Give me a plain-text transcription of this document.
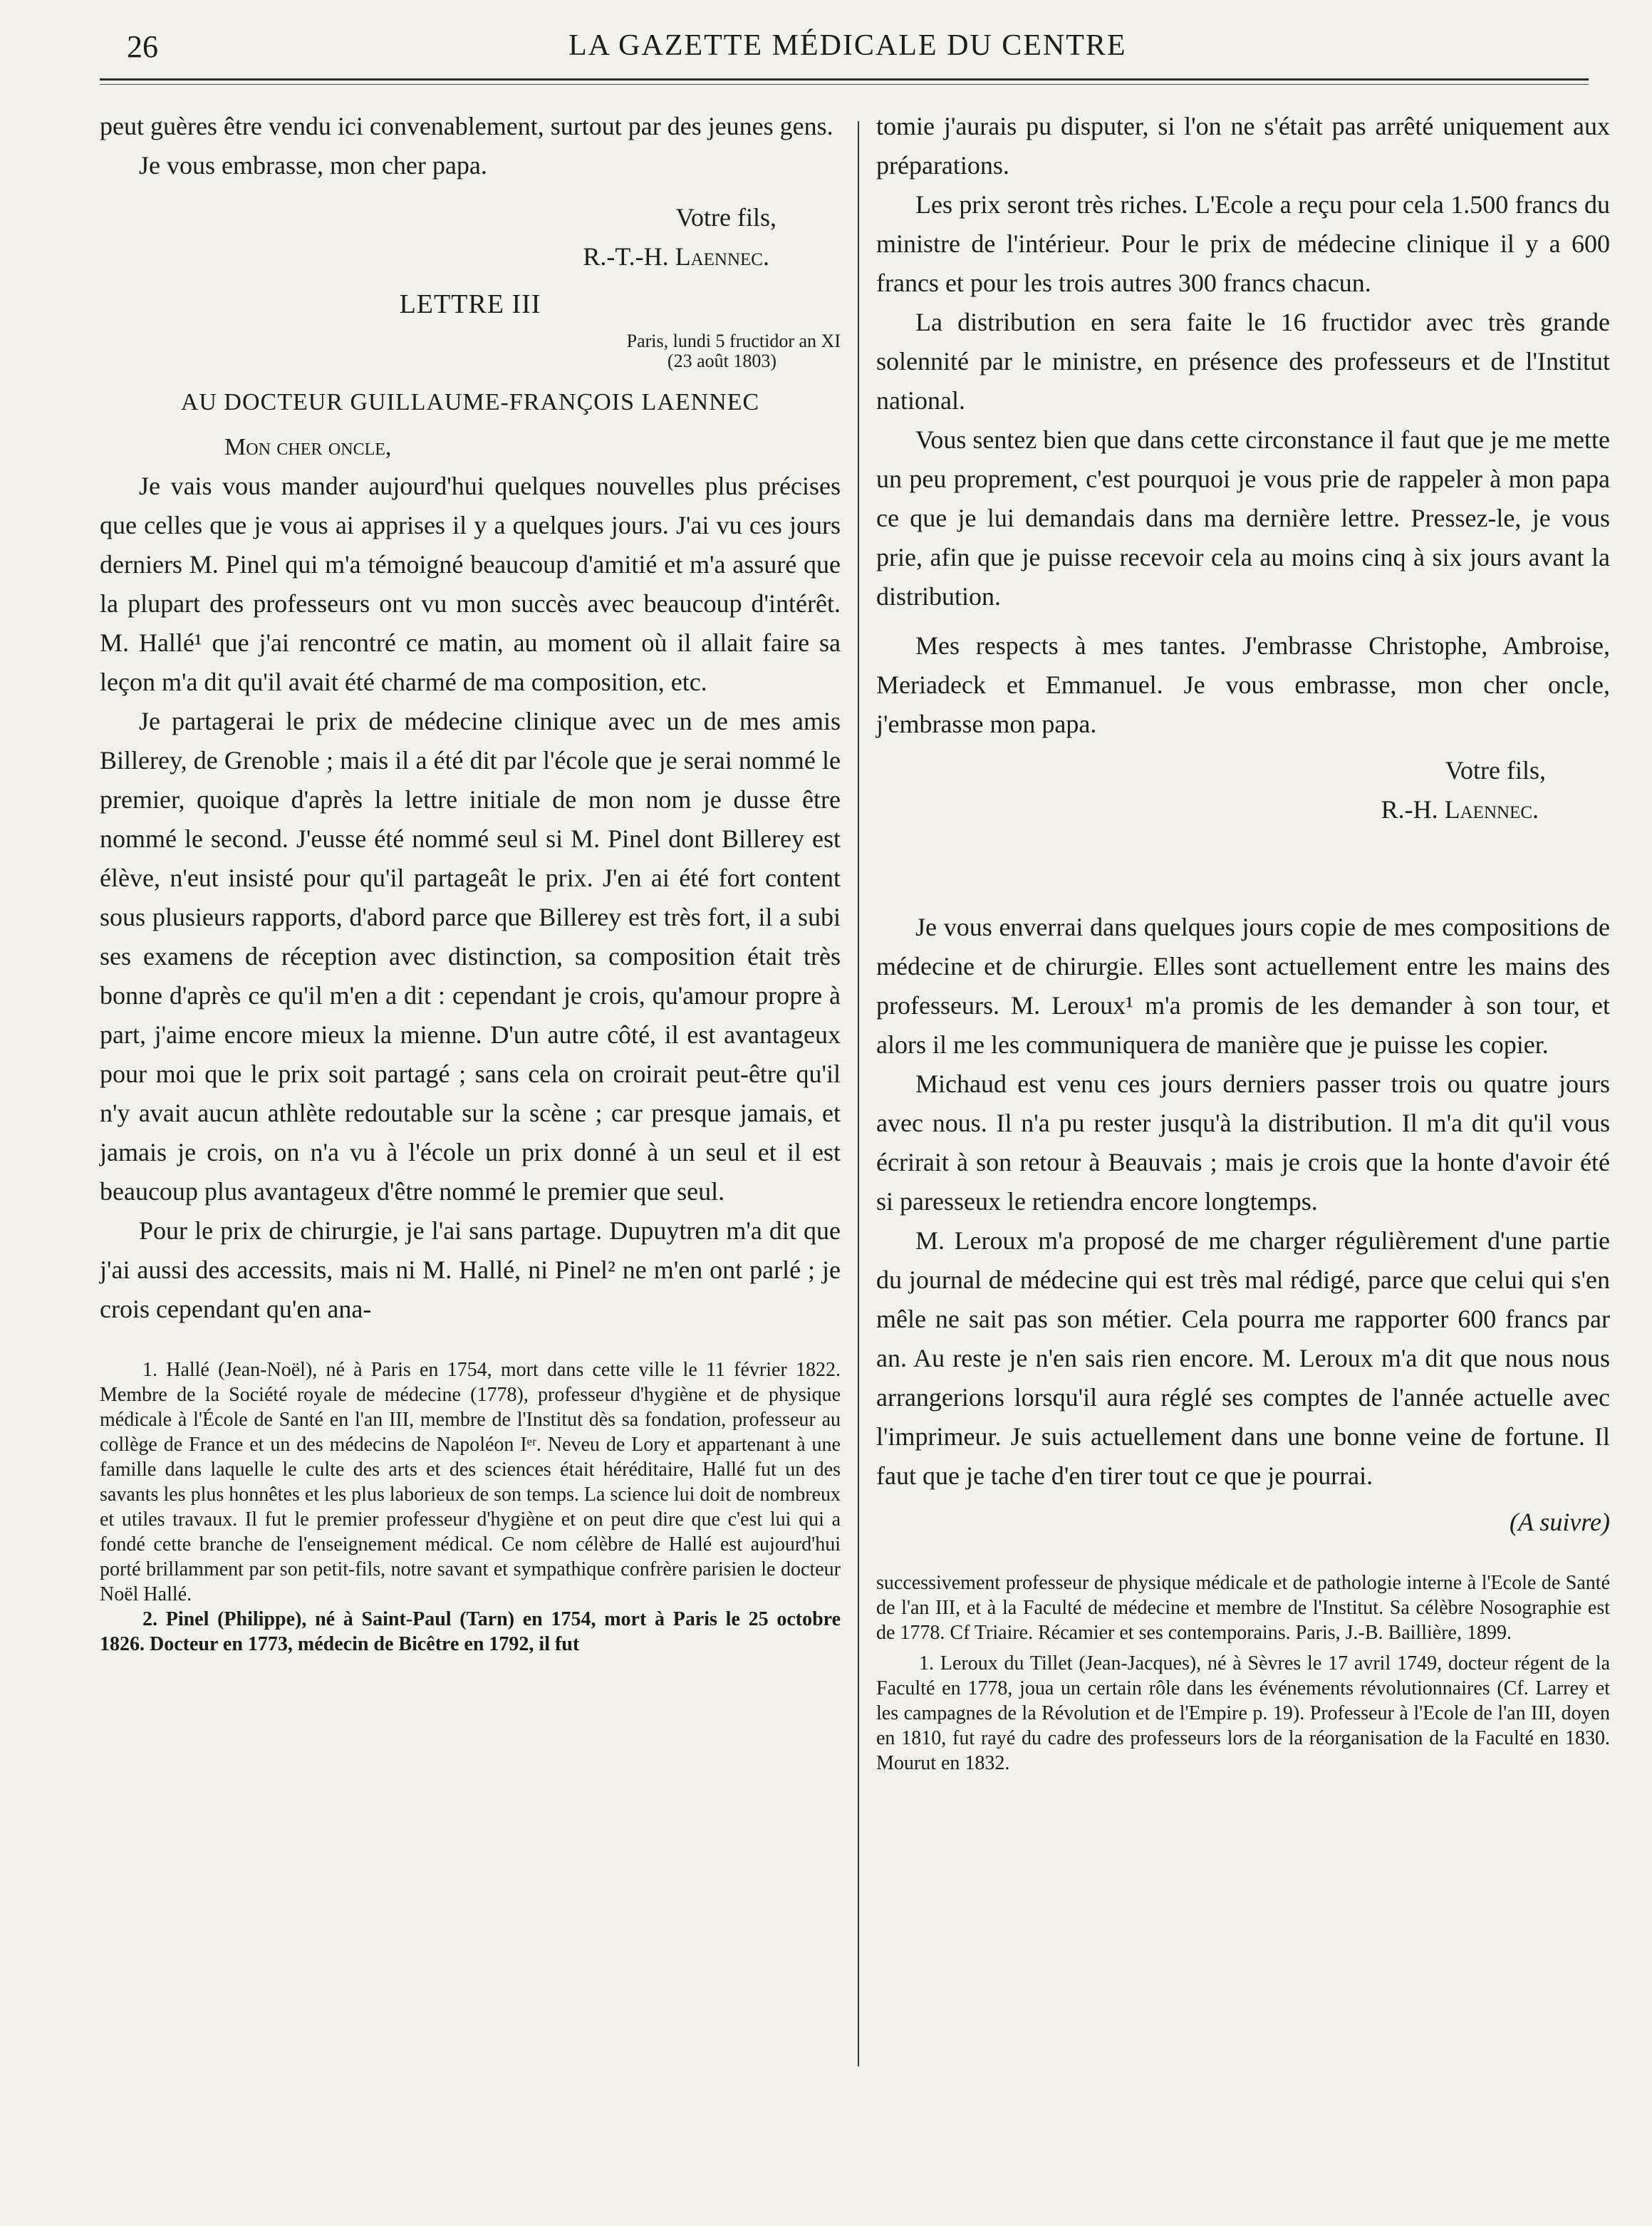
26	LA GAZETTE MÉDICALE DU CENTRE

peut guères être vendu ici convenablement, surtout par des jeunes gens.

Je vous embrasse, mon cher papa.

Votre fils,
R.-T.-H. Laennec.
LETTRE III
Paris, lundi 5 fructidor an XI
(23 août 1803)
AU DOCTEUR GUILLAUME-FRANÇOIS LAENNEC
Mon cher oncle,

Je vais vous mander aujourd'hui quelques nouvelles plus précises que celles que je vous ai apprises il y a quelques jours. J'ai vu ces jours derniers M. Pinel qui m'a témoigné beaucoup d'amitié et m'a assuré que la plupart des professeurs ont vu mon succès avec beaucoup d'intérêt. M. Hallé¹ que j'ai rencontré ce matin, au moment où il allait faire sa leçon m'a dit qu'il avait été charmé de ma composition, etc.

Je partagerai le prix de médecine clinique avec un de mes amis Billerey, de Grenoble ; mais il a été dit par l'école que je serai nommé le premier, quoique d'après la lettre initiale de mon nom je dusse être nommé le second. J'eusse été nommé seul si M. Pinel dont Billerey est élève, n'eut insisté pour qu'il partageât le prix. J'en ai été fort content sous plusieurs rapports, d'abord parce que Billerey est très fort, il a subi ses examens de réception avec distinction, sa composition était très bonne d'après ce qu'il m'en a dit : cependant je crois, qu'amour propre à part, j'aime encore mieux la mienne. D'un autre côté, il est avantageux pour moi que le prix soit partagé ; sans cela on croirait peut-être qu'il n'y avait aucun athlète redoutable sur la scène ; car presque jamais, et jamais je crois, on n'a vu à l'école un prix donné à un seul et il est beaucoup plus avantageux d'être nommé le premier que seul.

Pour le prix de chirurgie, je l'ai sans partage. Dupuytren m'a dit que j'ai aussi des accessits, mais ni M. Hallé, ni Pinel² ne m'en ont parlé ; je crois cependant qu'en ana-

1. Hallé (Jean-Noël), né à Paris en 1754, mort dans cette ville le 11 février 1822. Membre de la Société royale de médecine (1778), professeur d'hygiène et de physique médicale à l'École de Santé en l'an III, membre de l'Institut dès sa fondation, professeur au collège de France et un des médecins de Napoléon Iᵉʳ. Neveu de Lory et appartenant à une famille dans laquelle le culte des arts et des sciences était héréditaire, Hallé fut un des savants les plus honnêtes et les plus laborieux de son temps. La science lui doit de nombreux et utiles travaux. Il fut le premier professeur d'hygiène et on peut dire que c'est lui qui a fondé cette branche de l'enseignement médical. Ce nom célèbre de Hallé est aujourd'hui porté brillamment par son petit-fils, notre savant et sympathique confrère parisien le docteur Noël Hallé.

2. Pinel (Philippe), né à Saint-Paul (Tarn) en 1754, mort à Paris le 25 octobre 1826. Docteur en 1773, médecin de Bicêtre en 1792, il fut

tomie j'aurais pu disputer, si l'on ne s'était pas arrêté uniquement aux préparations.

Les prix seront très riches. L'Ecole a reçu pour cela 1.500 francs du ministre de l'intérieur. Pour le prix de médecine clinique il y a 600 francs et pour les trois autres 300 francs chacun.

La distribution en sera faite le 16 fructidor avec très grande solennité par le ministre, en présence des professeurs et de l'Institut national.

Vous sentez bien que dans cette circonstance il faut que je me mette un peu proprement, c'est pourquoi je vous prie de rappeler à mon papa ce que je lui demandais dans ma dernière lettre. Pressez-le, je vous prie, afin que je puisse recevoir cela au moins cinq à six jours avant la distribution.

Mes respects à mes tantes. J'embrasse Christophe, Ambroise, Meriadeck et Emmanuel. Je vous embrasse, mon cher oncle, j'embrasse mon papa.

Votre fils,
R.-H. Laennec.

Je vous enverrai dans quelques jours copie de mes compositions de médecine et de chirurgie. Elles sont actuellement entre les mains des professeurs. M. Leroux¹ m'a promis de les demander à son tour, et alors il me les communiquera de manière que je puisse les copier.

Michaud est venu ces jours derniers passer trois ou quatre jours avec nous. Il n'a pu rester jusqu'à la distribution. Il m'a dit qu'il vous écrirait à son retour à Beauvais ; mais je crois que la honte d'avoir été si paresseux le retiendra encore longtemps.

M. Leroux m'a proposé de me charger régulièrement d'une partie du journal de médecine qui est très mal rédigé, parce que celui qui s'en mêle ne sait pas son métier. Cela pourra me rapporter 600 francs par an. Au reste je n'en sais rien encore. M. Leroux m'a dit que nous nous arrangerions lorsqu'il aura réglé ses comptes de l'année actuelle avec l'imprimeur. Je suis actuellement dans une bonne veine de fortune. Il faut que je tache d'en tirer tout ce que je pourrai.

(A suivre)

successivement professeur de physique médicale et de pathologie interne à l'Ecole de Santé de l'an III, et à la Faculté de médecine et membre de l'Institut. Sa célèbre Nosographie est de 1778. Cf Triaire. Récamier et ses contemporains. Paris, J.-B. Baillière, 1899.

1. Leroux du Tillet (Jean-Jacques), né à Sèvres le 17 avril 1749, docteur régent de la Faculté en 1778, joua un certain rôle dans les événements révolutionnaires (Cf. Larrey et les campagnes de la Révolution et de l'Empire p. 19). Professeur à l'Ecole de l'an III, doyen en 1810, fut rayé du cadre des professeurs lors de la réorganisation de la Faculté en 1830. Mourut en 1832.
